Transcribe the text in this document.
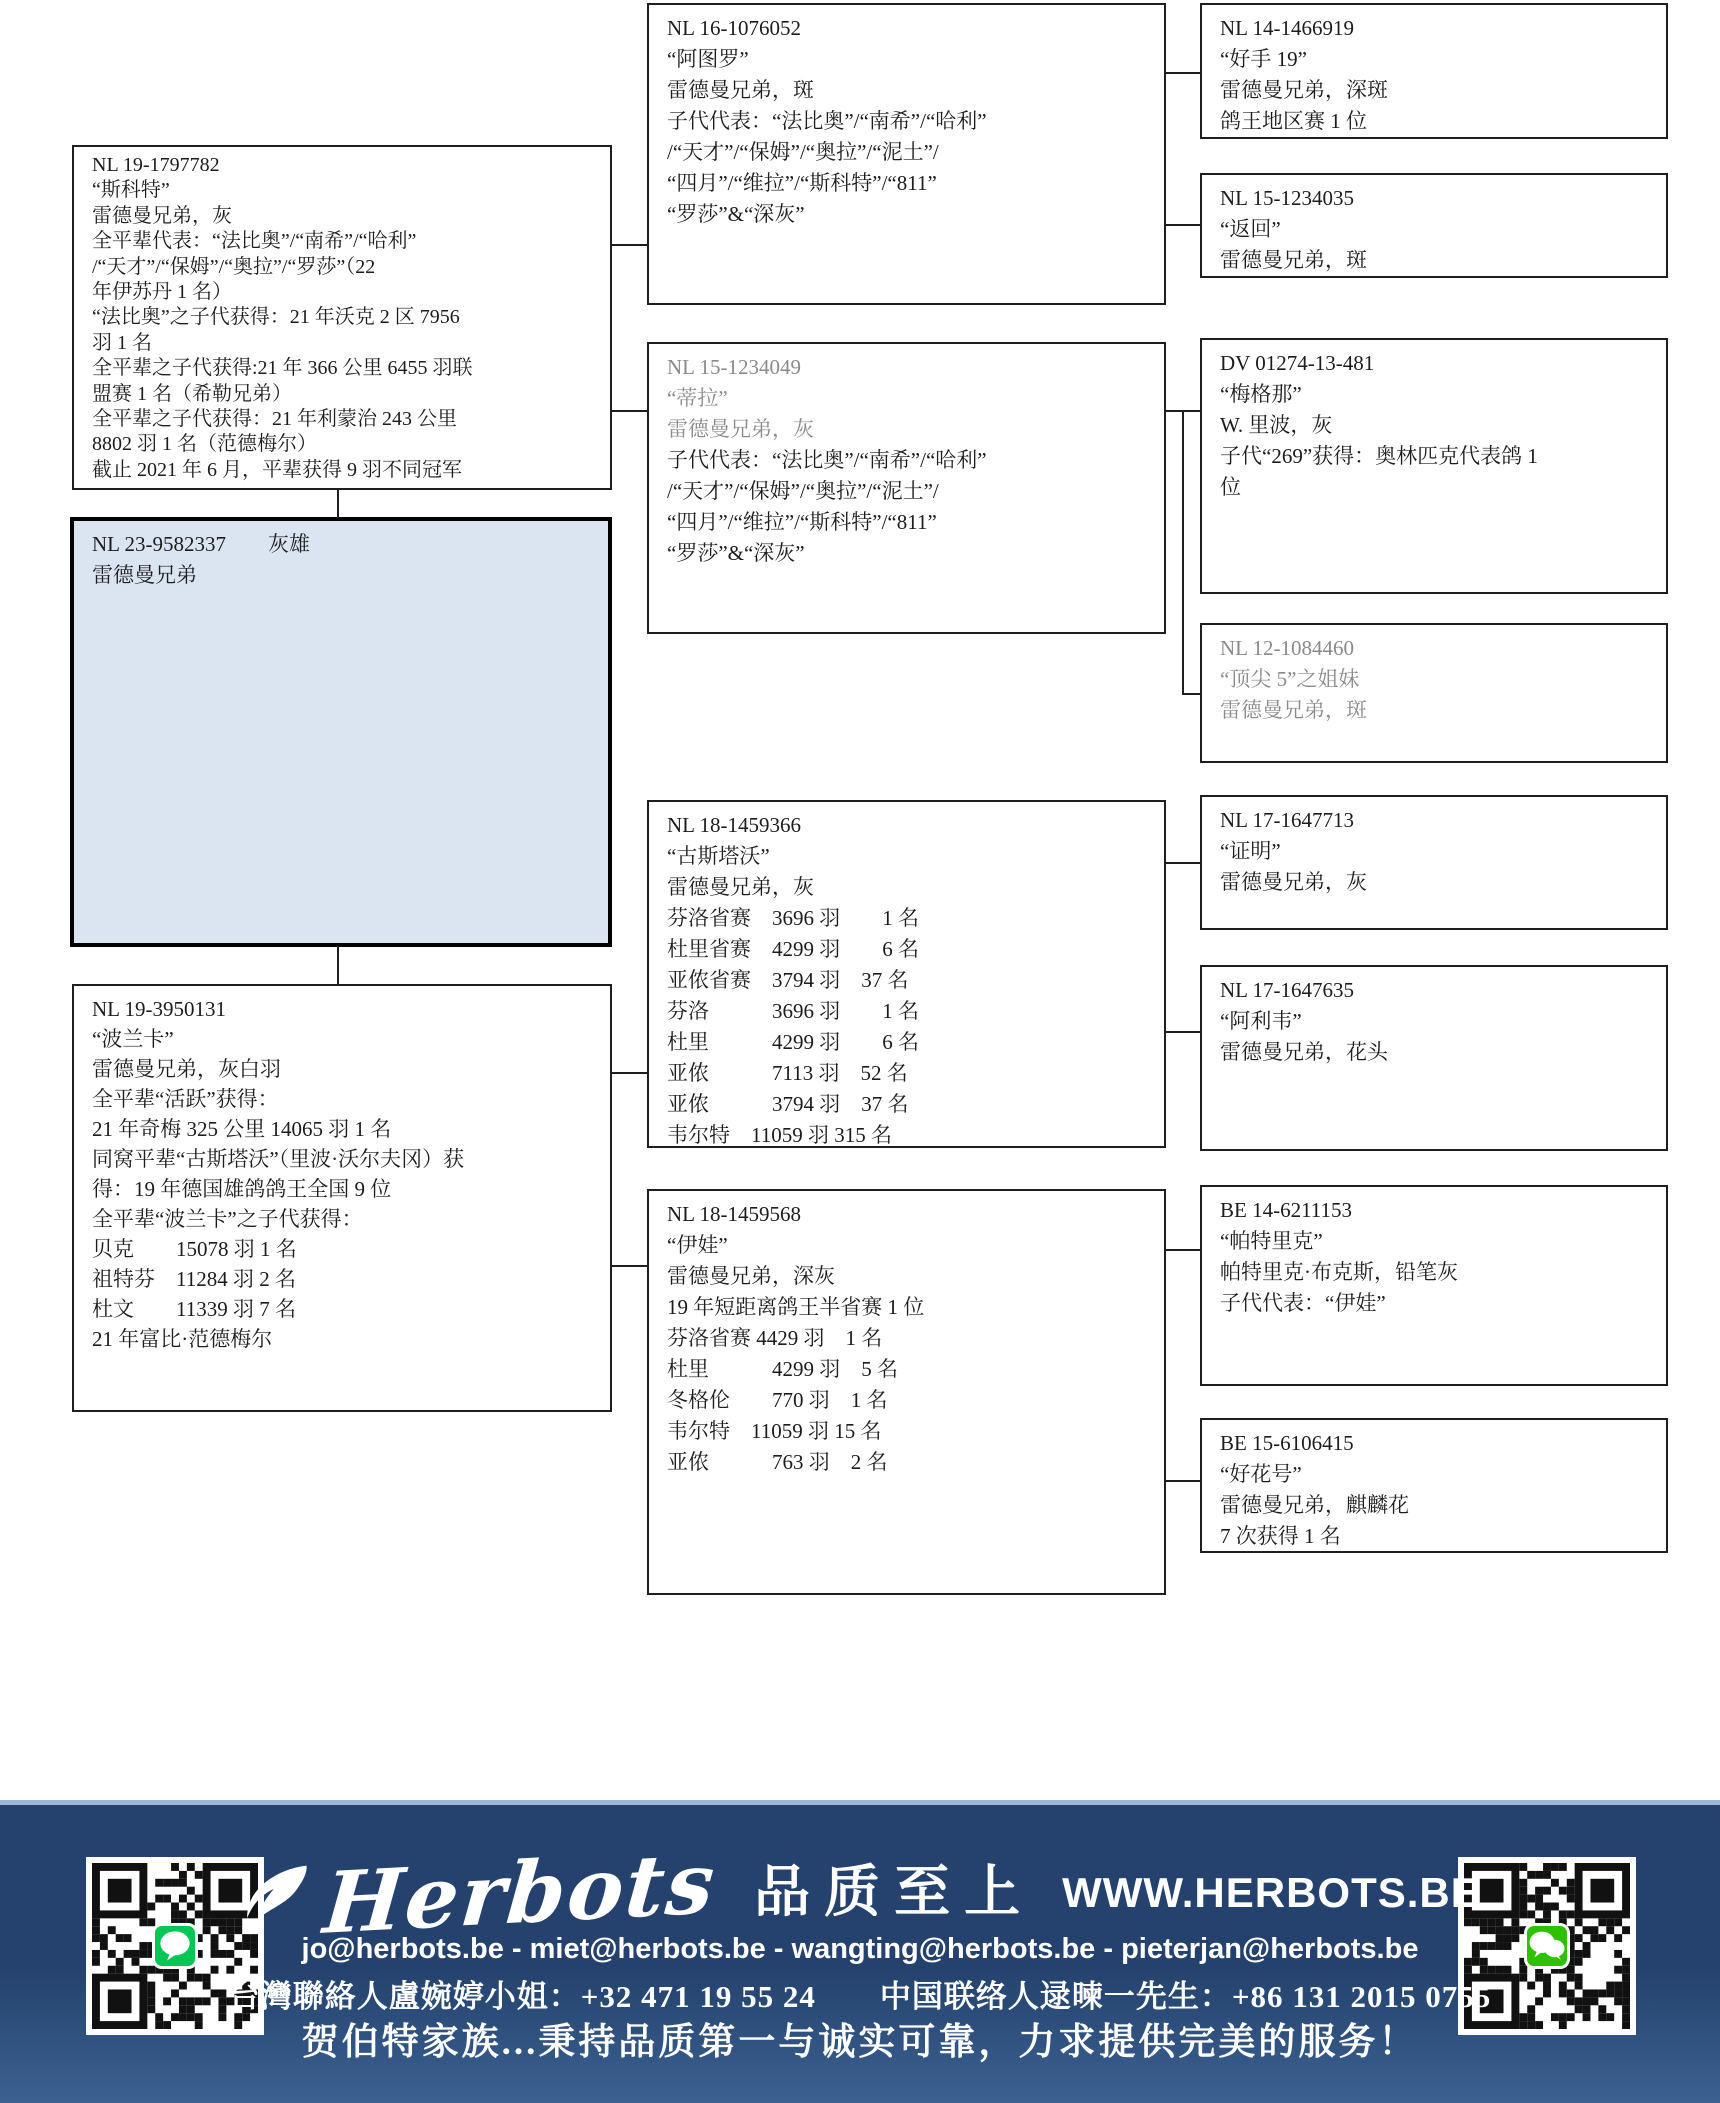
NL 19-1797782
“斯科特”
雷德曼兄弟，灰
全平辈代表：“法比奥”/“南希”/“哈利”
/“天才”/“保姆”/“奥拉”/“罗莎”（22
年伊苏丹 1 名）
“法比奥”之子代获得：21 年沃克 2 区 7956
羽 1 名
全平辈之子代获得:21 年 366 公里 6455 羽联
盟赛 1 名（希勒兄弟）
全平辈之子代获得：21 年利蒙治 243 公里
8802 羽 1 名（范德梅尔）
截止 2021 年 6 月，平辈获得 9 羽不同冠军
NL 23-9582337　　灰雄
雷德曼兄弟
NL 19-3950131
“波兰卡”
雷德曼兄弟，灰白羽
全平辈“活跃”获得：
21 年奇梅 325 公里 14065 羽 1 名
同窝平辈“古斯塔沃”（里波·沃尔夫冈）获
得：19 年德国雄鸽鸽王全国 9 位
全平辈“波兰卡”之子代获得：
贝克　　15078 羽 1 名
祖特芬　11284 羽 2 名
杜文　　11339 羽 7 名
21 年富比·范德梅尔
NL 16-1076052
“阿图罗”
雷德曼兄弟，斑
子代代表：“法比奥”/“南希”/“哈利”
/“天才”/“保姆”/“奥拉”/“泥土”/
“四月”/“维拉”/“斯科特”/“811”
“罗莎”&“深灰”
NL 15-1234049
“蒂拉”
雷德曼兄弟，灰
子代代表：“法比奥”/“南希”/“哈利”
/“天才”/“保姆”/“奥拉”/“泥土”/
“四月”/“维拉”/“斯科特”/“811”
“罗莎”&“深灰”
NL 18-1459366
“古斯塔沃”
雷德曼兄弟，灰
芬洛省赛　3696 羽　　1 名
杜里省赛　4299 羽　　6 名
亚侬省赛　3794 羽　37 名
芬洛　　　3696 羽　　1 名
杜里　　　4299 羽　　6 名
亚侬　　　7113 羽　52 名
亚侬　　　3794 羽　37 名
韦尔特　11059 羽 315 名
NL 18-1459568
“伊娃”
雷德曼兄弟，深灰
19 年短距离鸽王半省赛 1 位
芬洛省赛 4429 羽　1 名
杜里　　　4299 羽　5 名
冬格伦　　770 羽　1 名
韦尔特　11059 羽 15 名
亚侬　　　763 羽　2 名
NL 14-1466919
“好手 19”
雷德曼兄弟，深斑
鸽王地区赛 1 位
NL 15-1234035
“返回”
雷德曼兄弟，斑
DV 01274-13-481
“梅格那”
W. 里波，灰
子代“269”获得：奥林匹克代表鸽 1
位
NL 12-1084460
“顶尖 5”之姐妹
雷德曼兄弟，斑
NL 17-1647713
“证明”
雷德曼兄弟，灰
NL 17-1647635
“阿利韦”
雷德曼兄弟，花头
BE 14-6211153
“帕特里克”
帕特里克·布克斯，铅笔灰
子代代表：“伊娃”
BE 15-6106415
“好花号”
雷德曼兄弟，麒麟花
7 次获得 1 名
Herbots 品质至上 WWW.HERBOTS.BE
jo@herbots.be - miet@herbots.be - wangting@herbots.be - pieterjan@herbots.be
台灣聯絡人盧婉婷小姐：+32 471 19 55 24　　中国联络人逯暕一先生：+86 131 2015 0755
贺伯特家族...秉持品质第一与诚实可靠，力求提供完美的服务！
